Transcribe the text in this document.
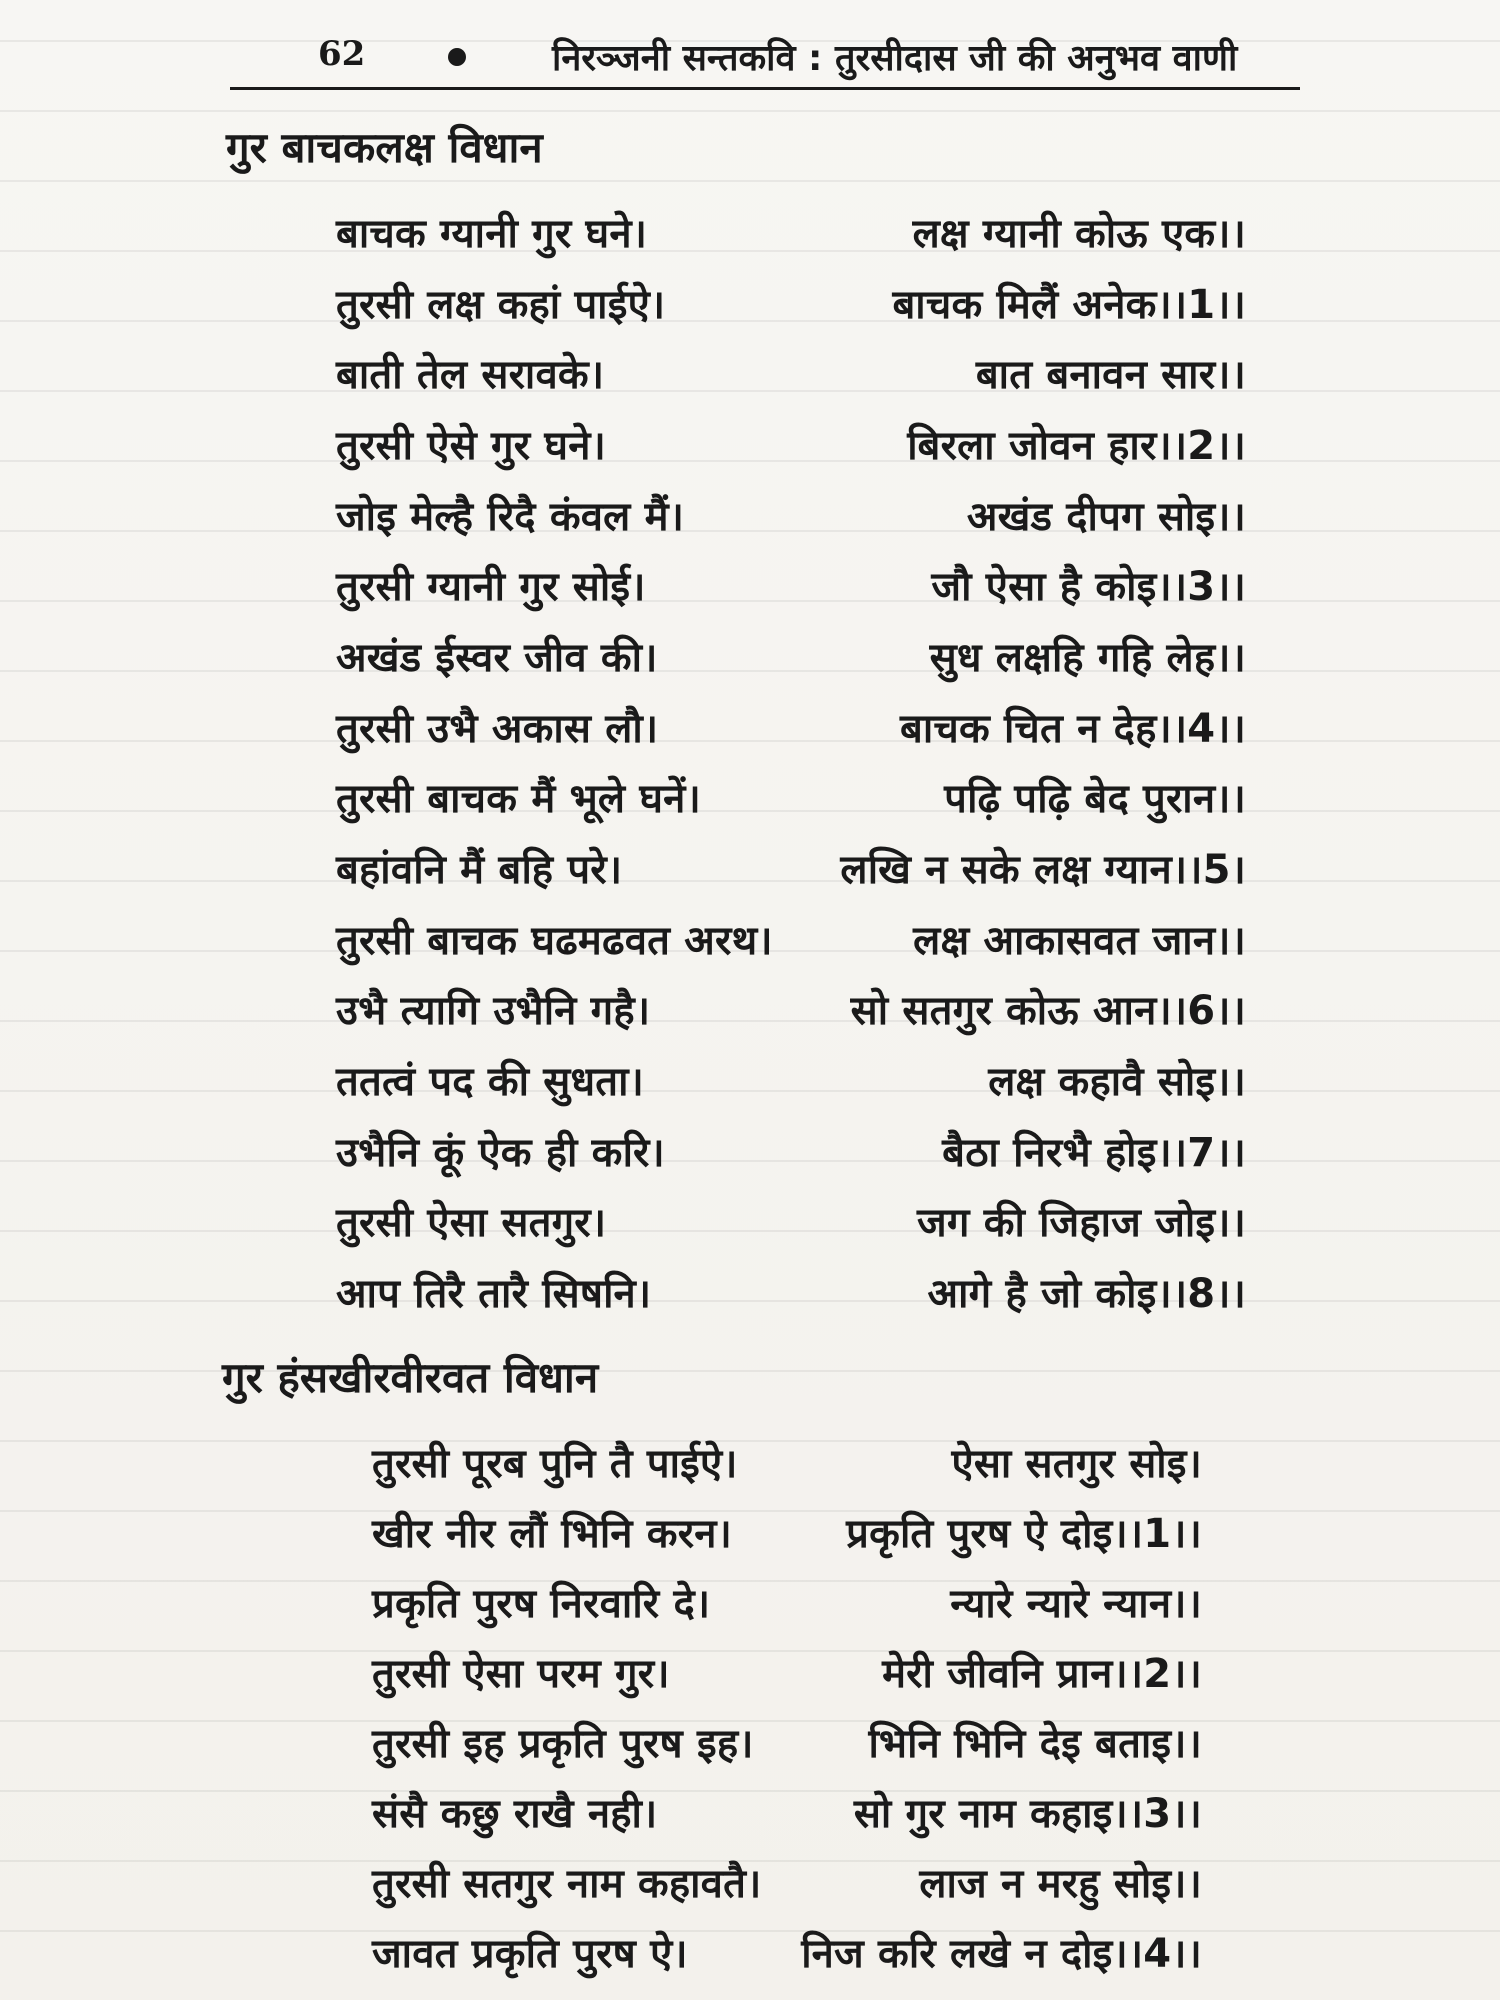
62	निरञ्जनी सन्तकवि : तुरसीदास जी की अनुभव वाणी
गुर बाचकलक्ष विधान
बाचक ग्यानी गुर घने।	लक्ष ग्यानी कोऊ एक।।
तुरसी लक्ष कहां पाईऐ।	बाचक मिलैं अनेक।।1।।
बाती तेल सरावके।	बात बनावन सार।।
तुरसी ऐसे गुर घने।	बिरला जोवन हार।।2।।
जोइ मेल्है रिदै कंवल मैं।	अखंड दीपग सोइ।।
तुरसी ग्यानी गुर सोई।	जौ ऐसा है कोइ।।3।।
अखंड ईस्वर जीव की।	सुध लक्षहि गहि लेह।।
तुरसी उभै अकास लौ।	बाचक चित न देह।।4।।
तुरसी बाचक मैं भूले घनें।	पढ़ि पढ़ि बेद पुरान।।
बहांवनि मैं बहि परे।	लखि न सके लक्ष ग्यान।।5।
तुरसी बाचक घढमढवत अरथ।	लक्ष आकासवत जान।।
उभै त्यागि उभैनि गहै।	सो सतगुर कोऊ आन।।6।।
ततत्वं पद की सुधता।	लक्ष कहावै सोइ।।
उभैनि कूं ऐक ही करि।	बैठा निरभै होइ।।7।।
तुरसी ऐसा सतगुर।	जग की जिहाज जोइ।।
आप तिरै तारै सिषनि।	आगे है जो कोइ।।8।।
गुर हंसखीरवीरवत विधान
तुरसी पूरब पुनि तै पाईऐ।	ऐसा सतगुर सोइ।
खीर नीर लौं भिनि करन।	प्रकृति पुरष ऐ दोइ।।1।।
प्रकृति पुरष निरवारि दे।	न्यारे न्यारे न्यान।।
तुरसी ऐसा परम गुर।	मेरी जीवनि प्रान।।2।।
तुरसी इह प्रकृति पुरष इह।	भिनि भिनि देइ बताइ।।
संसै कछु राखै नही।	सो गुर नाम कहाइ।।3।।
तुरसी सतगुर नाम कहावतै।	लाज न मरहु सोइ।।
जावत प्रकृति पुरष ऐ।	निज करि लखे न दोइ।।4।।
